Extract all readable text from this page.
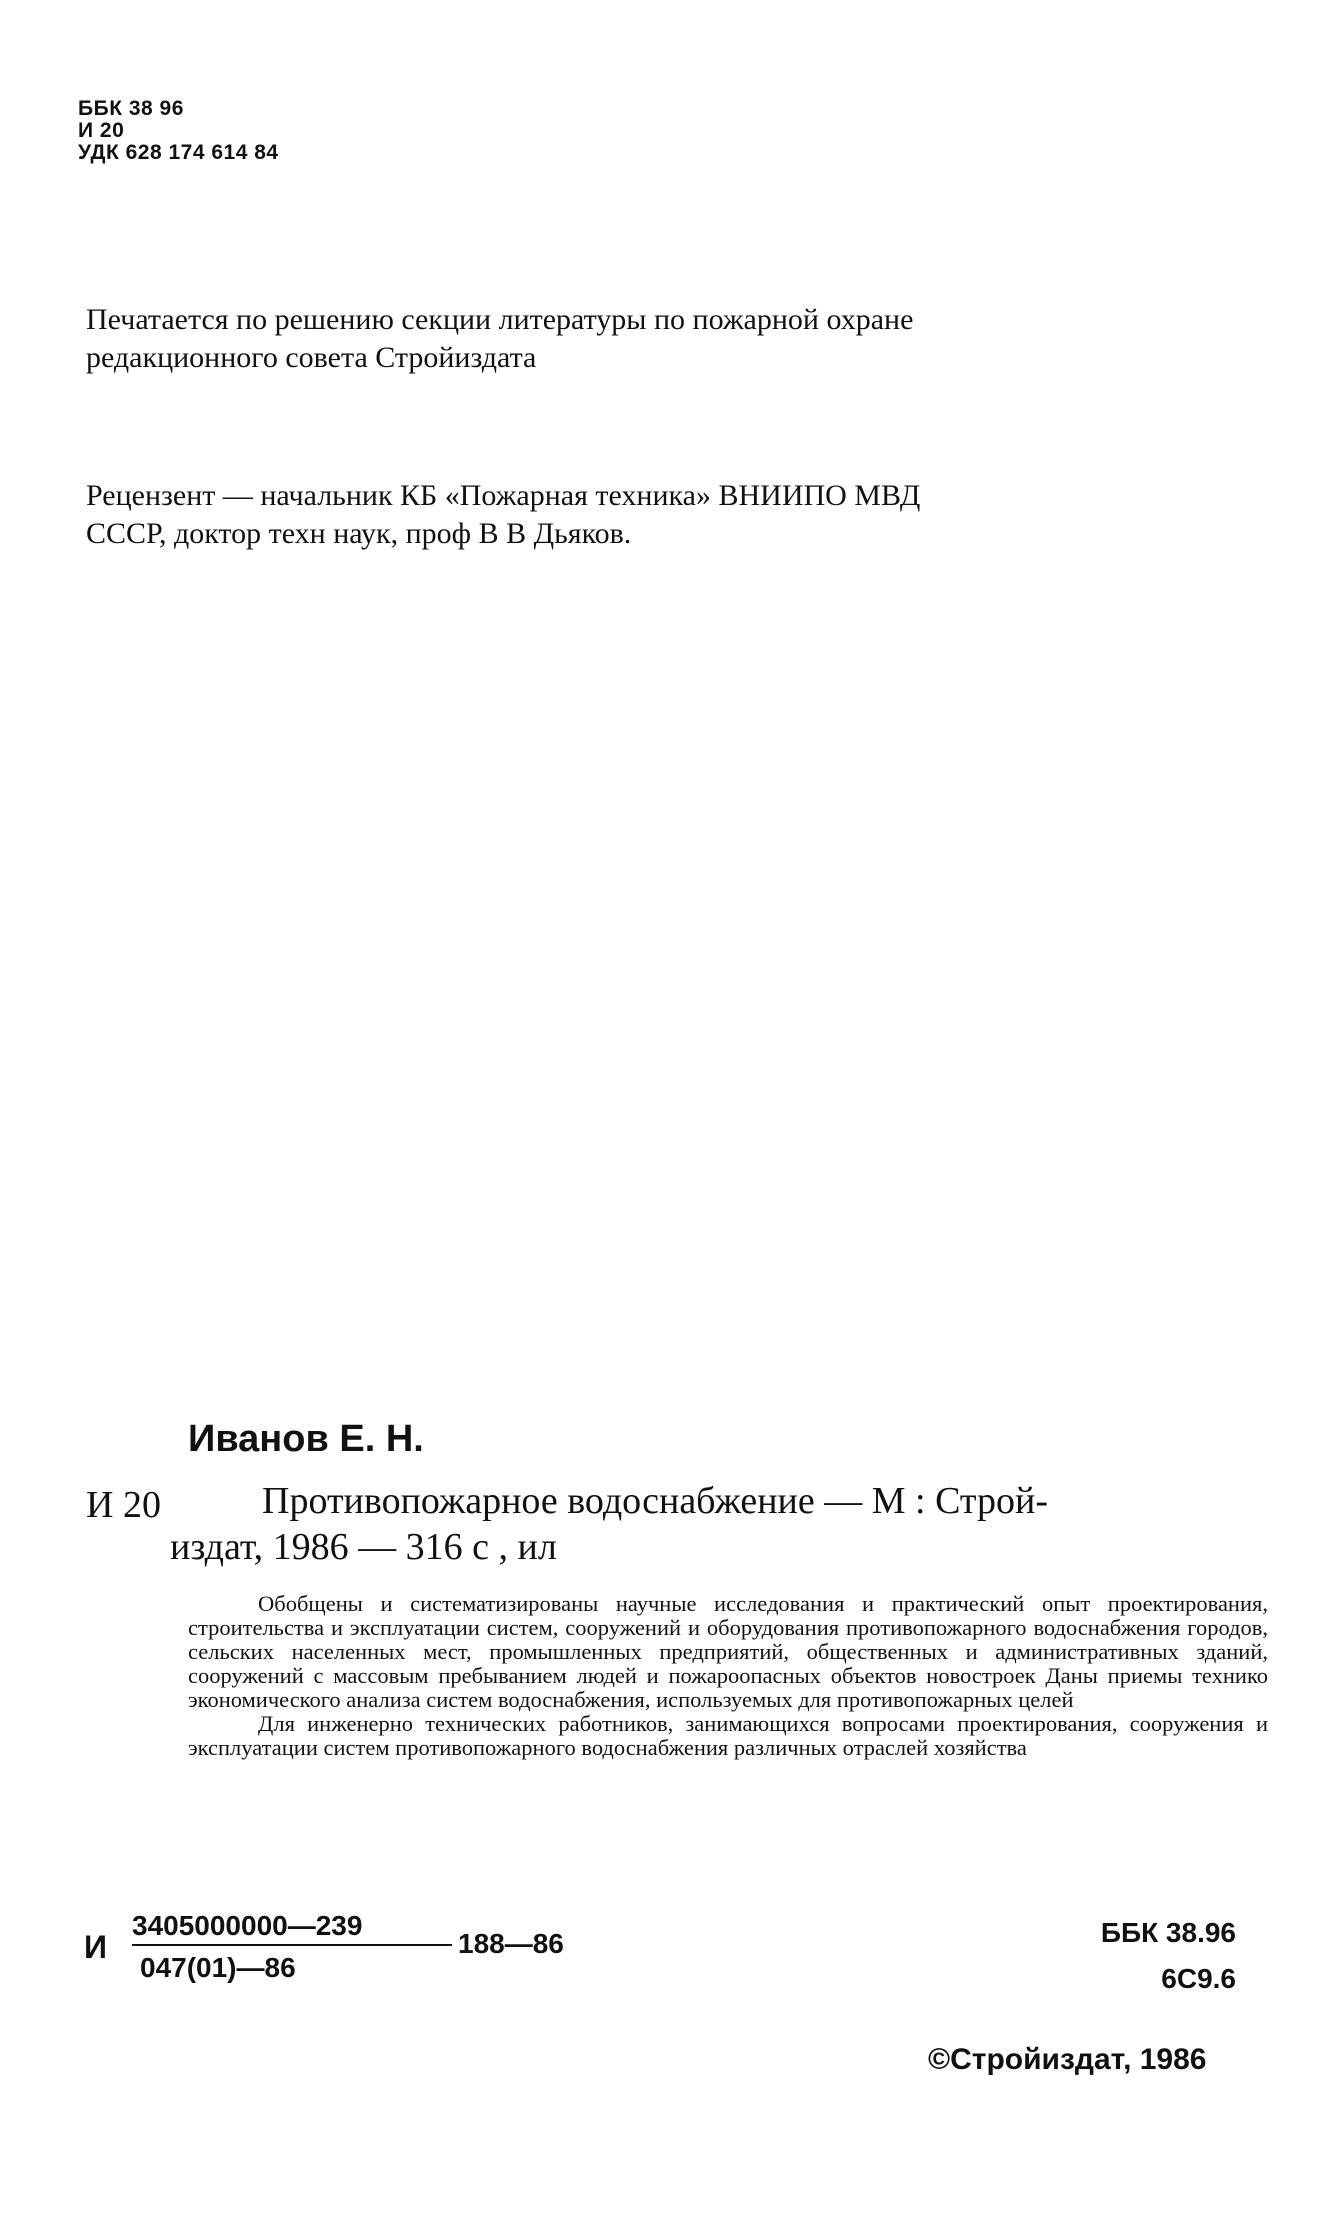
ББК 38 96
И 20
УДК 628 174 614 84
Печатается по решению секции литературы по пожарной охране
редакционного совета Стройиздата
Рецензент — начальник КБ «Пожарная техника» ВНИИПО МВД
СССР, доктор техн наук, проф В В Дьяков.
Иванов Е. Н.
И 20	Противопожарное водоснабжение — М : Строй-
издат, 1986 — 316 с , ил

Обобщены и систематизированы научные исследования и практический опыт проектирования, строительства и эксплуатации систем, сооружений и оборудования противопожарного водоснабжения городов, сельских населенных мест, промышленных предприятий, общественных и административных зданий, сооружений с массовым пребыванием людей и пожароопасных объектов новостроек Даны приемы технико экономического анализа систем водоснабжения, используемых для противопожарных целей

Для инженерно технических работников, занимающихся вопросами проектирования, сооружения и эксплуатации систем противопожарного водоснабжения различных отраслей хозяйства

И
3405000000—239
047(01)—86
188—86	ББК 38.96
6С9.6
©Стройиздат, 1986
